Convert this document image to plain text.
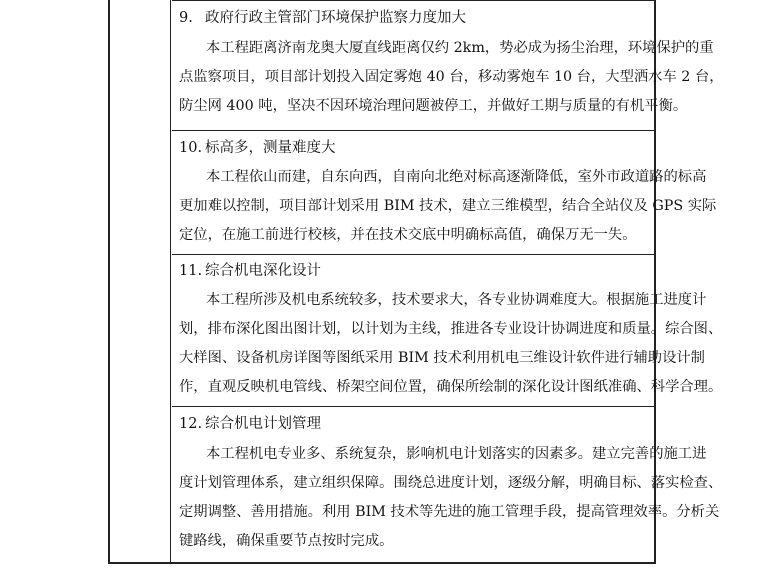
9. 政府行政主管部门环境保护监察力度加大
本工程距离济南龙奥大厦直线距离仅约 2km，势必成为扬尘治理，环境保护的重
点监察项目，项目部计划投入固定雾炮 40 台，移动雾炮车 10 台，大型洒水车 2 台，
防尘网 400 吨，坚决不因环境治理问题被停工，并做好工期与质量的有机平衡。
10. 标高多，测量难度大
本工程依山而建，自东向西，自南向北绝对标高逐渐降低，室外市政道路的标高
更加难以控制，项目部计划采用 BIM 技术，建立三维模型，结合全站仪及 GPS 实际
定位，在施工前进行校核，并在技术交底中明确标高值，确保万无一失。
11. 综合机电深化设计
本工程所涉及机电系统较多，技术要求大，各专业协调难度大。根据施工进度计
划，排布深化图出图计划，以计划为主线，推进各专业设计协调进度和质量。综合图、
大样图、设备机房详图等图纸采用 BIM 技术利用机电三维设计软件进行辅助设计制
作，直观反映机电管线、桥架空间位置，确保所绘制的深化设计图纸准确、科学合理。
12. 综合机电计划管理
本工程机电专业多、系统复杂，影响机电计划落实的因素多。建立完善的施工进
度计划管理体系，建立组织保障。围绕总进度计划，逐级分解，明确目标、落实检查、
定期调整、善用措施。利用 BIM 技术等先进的施工管理手段，提高管理效率。分析关
键路线，确保重要节点按时完成。
